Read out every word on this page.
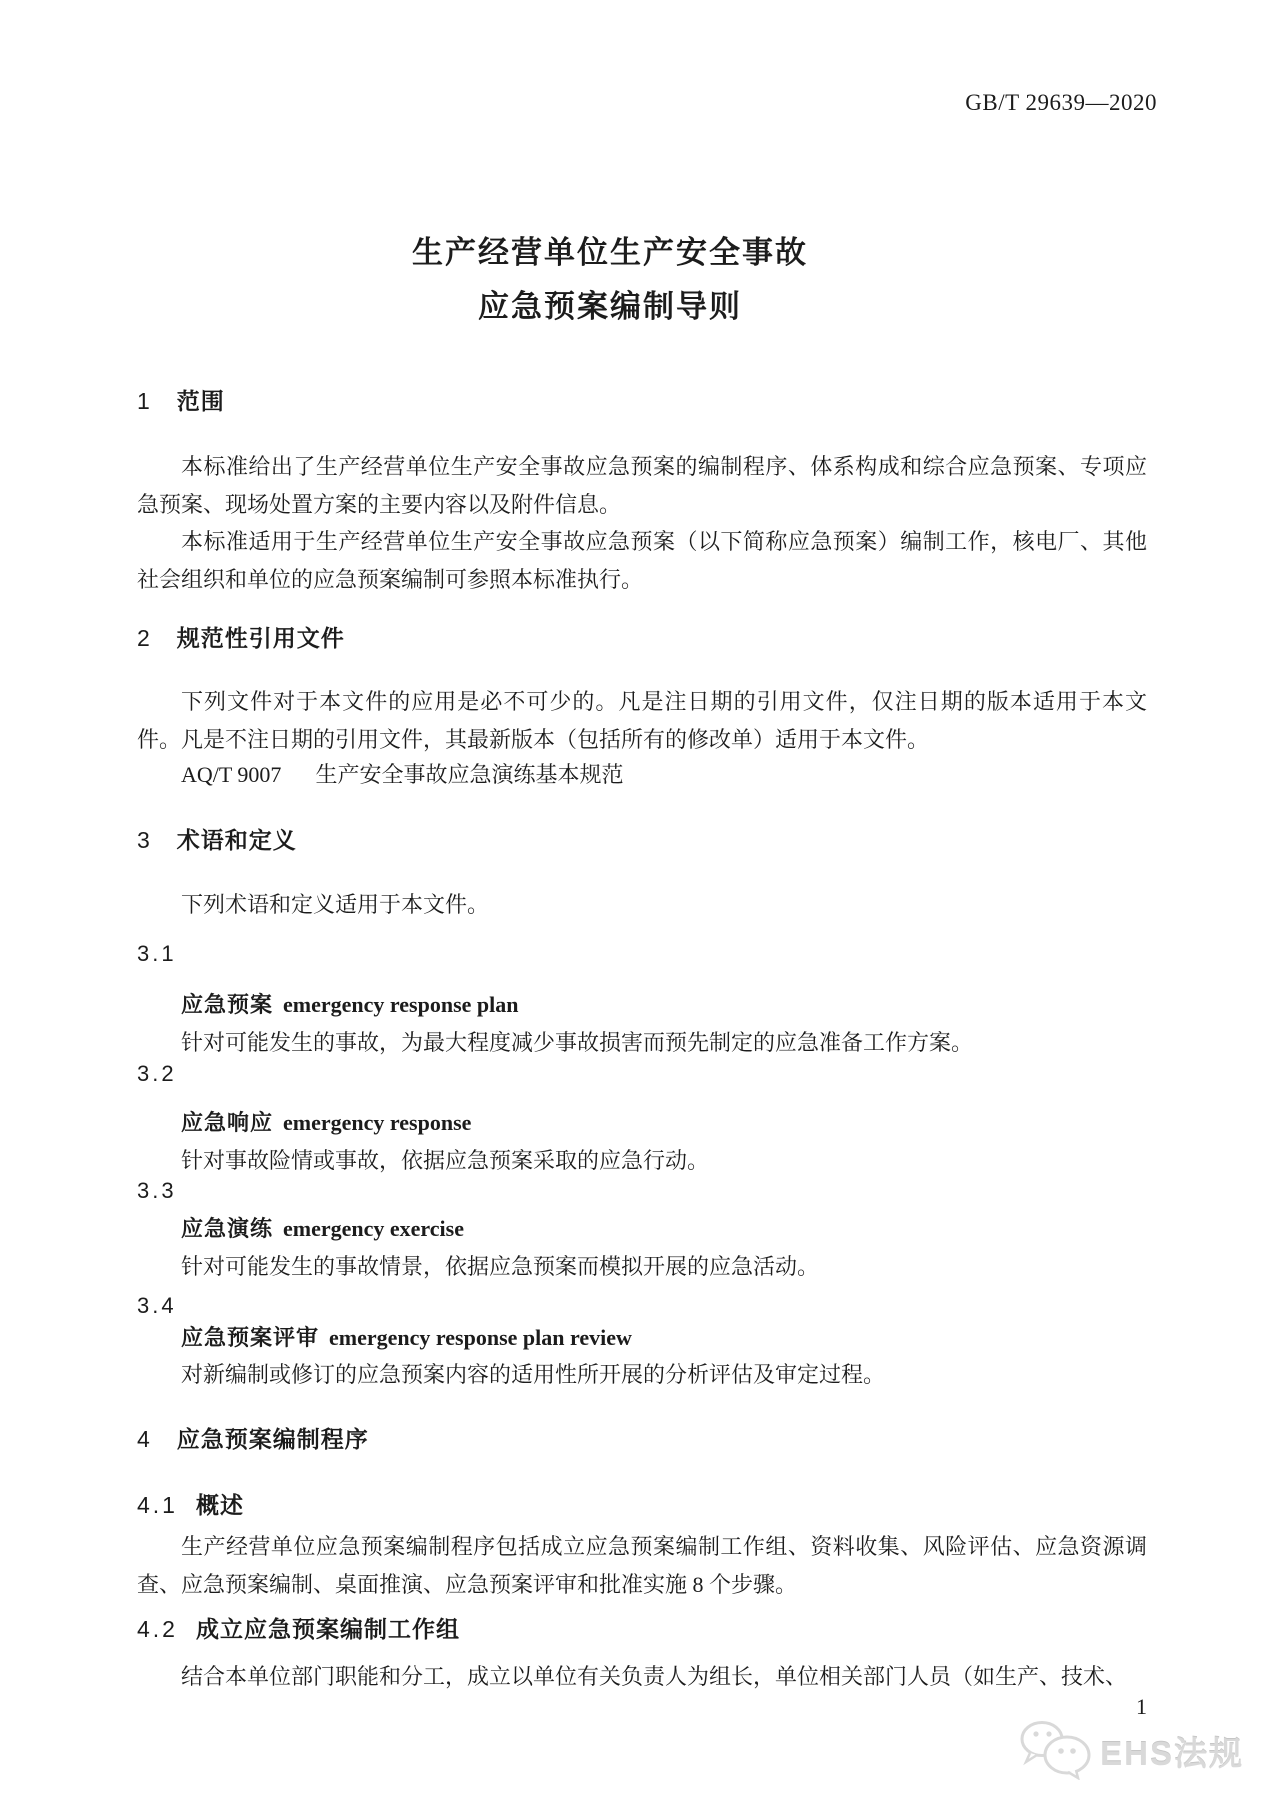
GB/T 29639—2020
生产经营单位生产安全事故
应急预案编制导则
1 范围
本标准给出了生产经营单位生产安全事故应急预案的编制程序、体系构成和综合应急预案、专项应急预案、现场处置方案的主要内容以及附件信息。
本标准适用于生产经营单位生产安全事故应急预案（以下简称应急预案）编制工作，核电厂、其他社会组织和单位的应急预案编制可参照本标准执行。
2 规范性引用文件
下列文件对于本文件的应用是必不可少的。凡是注日期的引用文件，仅注日期的版本适用于本文件。凡是不注日期的引用文件，其最新版本（包括所有的修改单）适用于本文件。
AQ/T 9007 生产安全事故应急演练基本规范
3 术语和定义
下列术语和定义适用于本文件。
3.1
应急预案 emergency response plan
针对可能发生的事故，为最大程度减少事故损害而预先制定的应急准备工作方案。
3.2
应急响应 emergency response
针对事故险情或事故，依据应急预案采取的应急行动。
3.3
应急演练 emergency exercise
针对可能发生的事故情景，依据应急预案而模拟开展的应急活动。
3.4
应急预案评审 emergency response plan review
对新编制或修订的应急预案内容的适用性所开展的分析评估及审定过程。
4 应急预案编制程序
4.1 概述
生产经营单位应急预案编制程序包括成立应急预案编制工作组、资料收集、风险评估、应急资源调查、应急预案编制、桌面推演、应急预案评审和批准实施 8 个步骤。
4.2 成立应急预案编制工作组
结合本单位部门职能和分工，成立以单位有关负责人为组长，单位相关部门人员（如生产、技术、
1
EHS法规
